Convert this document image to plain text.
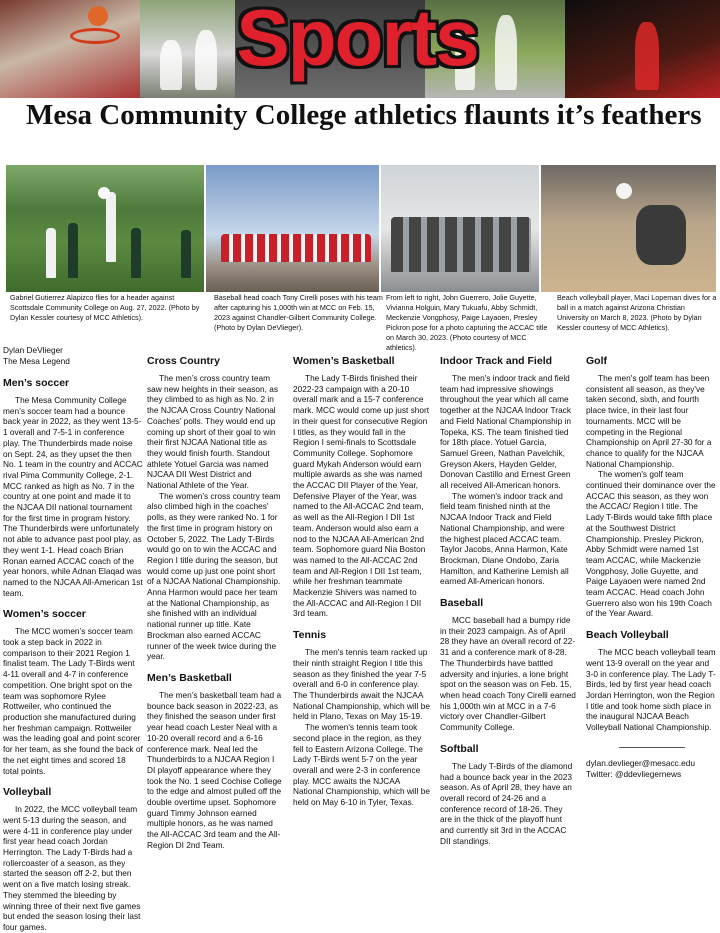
Sports
Mesa Community College athletics flaunts it’s feathers

Gabriel Gutierrez Alapizco flies for a header against Scottsdale Community College on Aug. 27, 2022. (Photo by Dylan Kessler courtesy of MCC Athletics).

Baseball head coach Tony Cirelli poses with his team after capturing his 1,000th win at MCC on Feb. 15, 2023 against Chandler-Gilbert Community College. (Photo by Dylan DeVlieger).

From left to right, John Guerrero, Jolie Guyette, Vivianna Holguin, Mary Tukuafu, Abby Schmidt, Meckenzie Vongphosy, Paige Layaoen, Presley Pickron pose for a photo capturing the ACCAC title on March 30, 2023. (Photo courtesy of MCC athletics).

Beach volleyball player, Maci Lopeman dives for a ball in a match against Arizona Christian University on March 8, 2023. (Photo by Dylan Kessler courtesy of MCC Athletics).

Dylan DeVlieger

The Mesa Legend

Men’s soccer

The Mesa Community College men’s soccer team had a bounce back year in 2022, as they went 13-5-1 overall and 7-5-1 in conference play. The Thunderbirds made noise on Sept. 24, as they upset the then No. 1 team in the country and ACCAC rival Pima Community College, 2-1. MCC ranked as high as No. 7 in the country at one point and made it to the NJCAA DII national tournament for the first time in program history. The Thunderbirds were unfortunately not able to advance past pool play, as they went 1-1. Head coach Brian Ronan earned ACCAC coach of the year honors, while Adnan Elaqad was named to the NJCAA All-American 1st team.

Women’s soccer

The MCC women’s soccer team took a step back in 2022 in comparison to their 2021 Region 1 finalist team. The Lady T-Birds went 4-11 overall and 4-7 in conference competition. One bright spot on the team was sophomore Rylee Rottweiler, who continued the production she manufactured during her freshman campaign. Rottweiler was the leading goal and point scorer for her team, as she found the back of the net eight times and scored 18 total points.

Volleyball

In 2022, the MCC volleyball team went 5-13 during the season, and were 4-11 in conference play under first year head coach Jordan Herrington. The Lady T-Birds had a rollercoaster of a season, as they started the season off 2-2, but then went on a five match losing streak. They stemmed the bleeding by winning three of their next five games but ended the season losing their last four games.

Cross Country

The men’s cross country team saw new heights in their season, as they climbed to as high as No. 2 in the NJCAA Cross Country National Coaches' polls. They would end up coming up short of their goal to win their first NJCAA National title as they would finish fourth. Standout athlete Yotuel Garcia was named NJCAA DII West District and National Athlete of the Year.

The women’s cross country team also climbed high in the coaches' polls, as they were ranked No. 1 for the first time in program history on October 5, 2022. The Lady T-Birds would go on to win the ACCAC and Region I title during the season, but would come up just one point short of a NJCAA National Championship. Anna Harmon would pace her team at the National Championship, as she finished with an individual national runner up title. Kate Brockman also earned ACCAC runner of the week twice during the year.

Men’s Basketball

The men’s basketball team had a bounce back season in 2022-23, as they finished the season under first year head coach Lester Neal with a 10-20 overall record and a 6-16 conference mark. Neal led the Thunderbirds to a NJCAA Region I DI playoff appearance where they took the No. 1 seed Cochise College to the edge and almost pulled off the double overtime upset. Sophomore guard Timmy Johnson earned multiple honors, as he was named the All-ACCAC 3rd team and the All-Region DI 2nd Team.

Women’s Basketball

The Lady T-Birds finished their 2022-23 campaign with a 20-10 overall mark and a 15-7 conference mark. MCC would come up just short in their quest for consecutive Region I titles, as they would fall in the Region I semi-finals to Scottsdale Community College. Sophomore guard Mykah Anderson would earn multiple awards as she was named the ACCAC DII Player of the Year, Defensive Player of the Year, was named to the All-ACCAC 2nd team, as well as the All-Region I DII 1st team. Anderson would also earn a nod to the NJCAA All-American 2nd team. Sophomore guard Nia Boston was named to the All-ACCAC 2nd team and All-Region I DII 1st team, while her freshman teammate Mackenzie Shivers was named to the All-ACCAC and All-Region I DII 3rd team.

Tennis

The men's tennis team racked up their ninth straight Region I title this season as they finished the year 7-5 overall and 6-0 in conference play. The Thunderbirds await the NJCAA National Championship, which will be held in Plano, Texas on May 15-19.

The women's tennis team took second place in the region, as they fell to Eastern Arizona College. The Lady T-Birds went 5-7 on the year overall and were 2-3 in conference play. MCC awaits the NJCAA National Championship, which will be held on May 6-10 in Tyler, Texas.

Indoor Track and Field

The men's indoor track and field team had impressive showings throughout the year which all came together at the NJCAA Indoor Track and Field National Championship in Topeka, KS. The team finished tied for 18th place. Yotuel Garcia, Samuel Green, Nathan Pavelchik, Greyson Akers, Hayden Gelder, Donovan Castillo and Ernest Green all received All-American honors.

The women's indoor track and field team finished ninth at the NJCAA Indoor Track and Field National Championship, and were the highest placed ACCAC team. Taylor Jacobs, Anna Harmon, Kate Brockman, Diane Ondobo, Zaria Hamilton, and Katherine Lemish all earned All-American honors.

Baseball

MCC baseball had a bumpy ride in their 2023 campaign. As of April 28 they have an overall record of 22-31 and a conference mark of 8-28. The Thunderbirds have battled adversity and injuries, a lone bright spot on the season was on Feb. 15, when head coach Tony Cirelli earned his 1,000th win at MCC in a 7-6 victory over Chandler-Gilbert Community College.

Softball

The Lady T-Birds of the diamond had a bounce back year in the 2023 season. As of April 28, they have an overall record of 24-26 and a conference record of 18-26. They are in the thick of the playoff hunt and currently sit 3rd in the ACCAC DII standings.

Golf

The men's golf team has been consistent all season, as they've taken second, sixth, and fourth place twice, in their last four tournaments. MCC will be competing in the Regional Championship on April 27-30 for a chance to qualify for the NJCAA National Championship.

The women's golf team continued their dominance over the ACCAC this season, as they won the ACCAC/ Region I title. The Lady T-Birds would take fifth place at the Southwest District Championship. Presley Pickron, Abby Schmidt were named 1st team ACCAC, while Mackenzie Vongphosy, Jolie Guyette, and Paige Layaoen were named 2nd team ACCAC. Head coach John Guerrero also won his 19th Coach of the Year Award.

Beach Volleyball

The MCC beach volleyball team went 13-9 overall on the year and 3-0 in conference play. The Lady T-Birds, led by first year head coach Jordan Herrington, won the Region I title and took home sixth place in the inaugural NJCAA Beach Volleyball National Championship.

dylan.devlieger@mesacc.edu

Twitter: @ddevliegernews
